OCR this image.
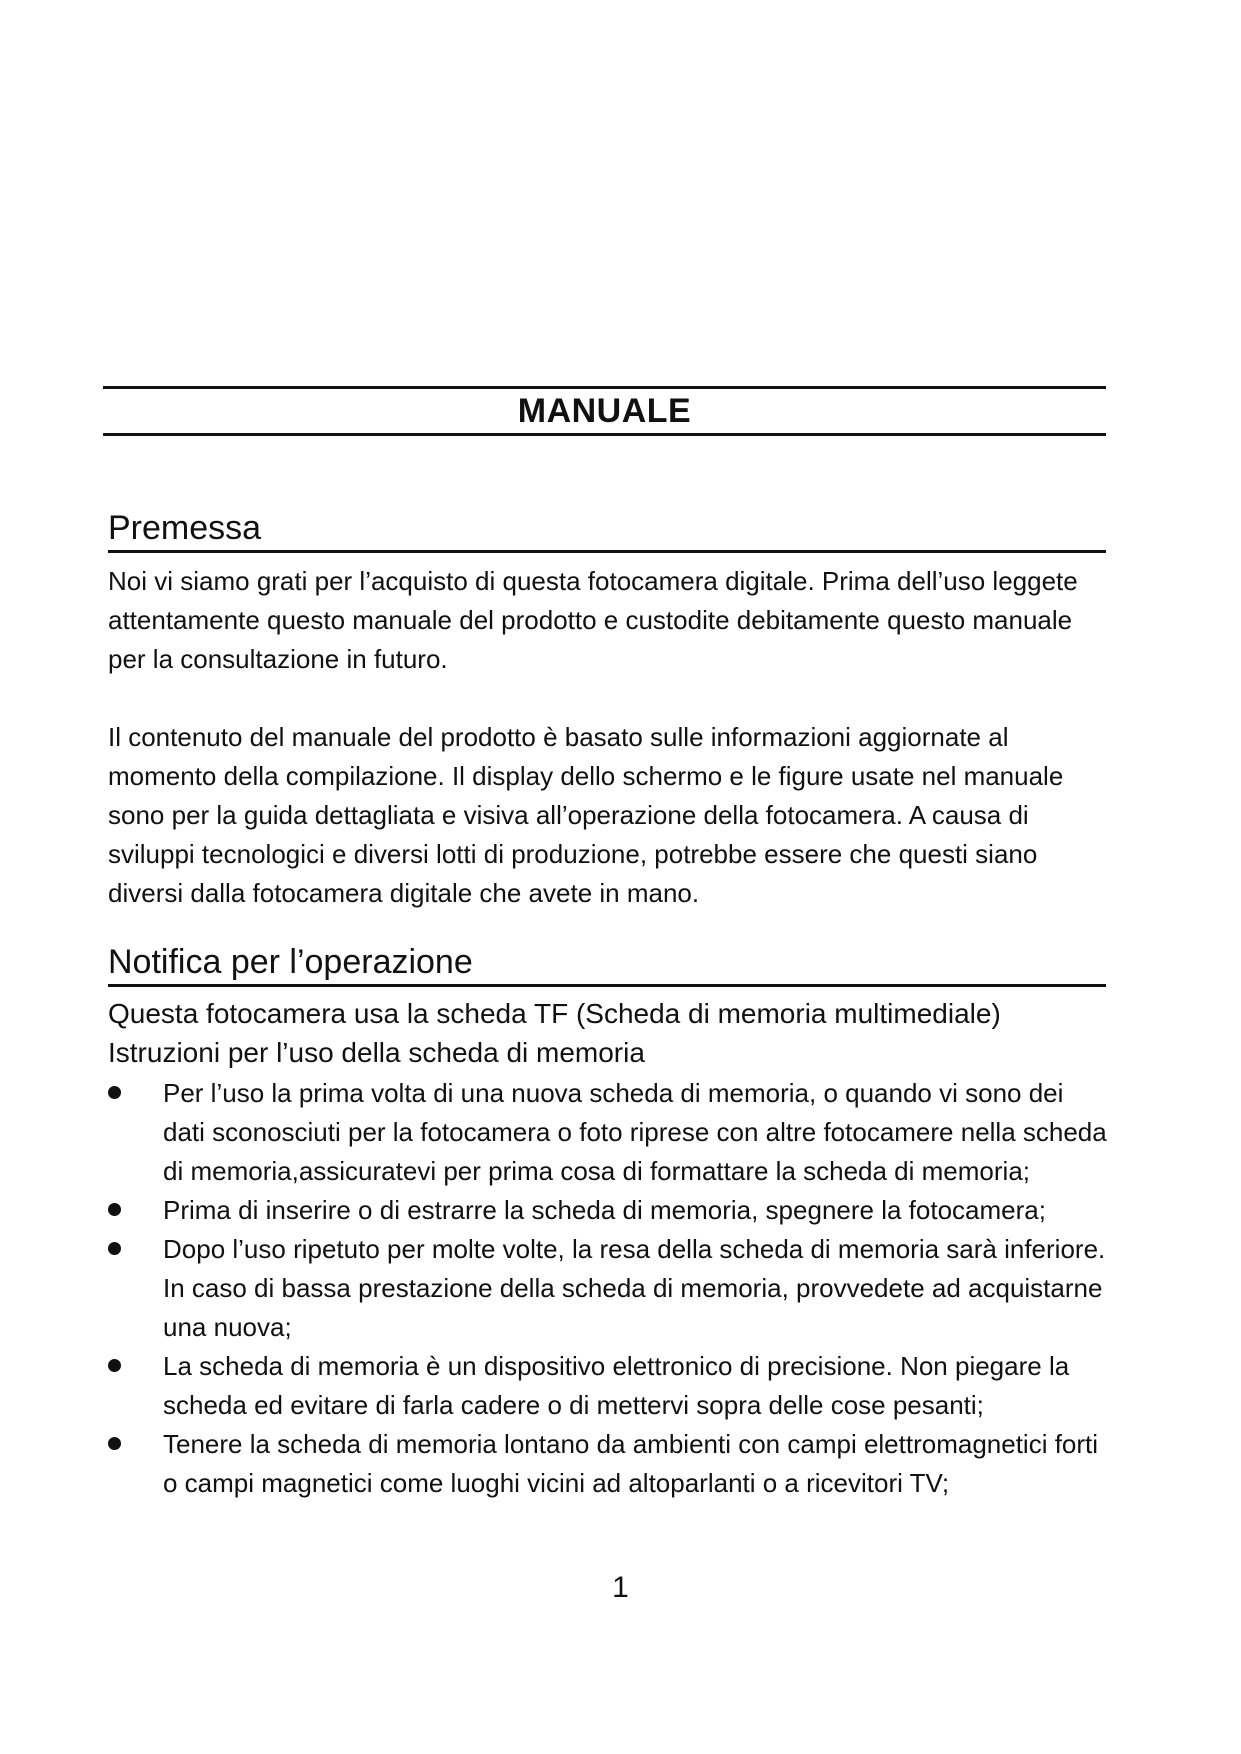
MANUALE
Premessa

Noi vi siamo grati per l’acquisto di questa fotocamera digitale. Prima dell’uso leggete attentamente questo manuale del prodotto e custodite debitamente questo manuale per la consultazione in futuro.

Il contenuto del manuale del prodotto è basato sulle informazioni aggiornate al momento della compilazione. Il display dello schermo e le figure usate nel manuale sono per la guida dettagliata e visiva all’operazione della fotocamera. A causa di sviluppi tecnologici e diversi lotti di produzione, potrebbe essere che questi siano diversi dalla fotocamera digitale che avete in mano.

Notifica per l’operazione
Questa fotocamera usa la scheda TF (Scheda di memoria multimediale)
Istruzioni per l’uso della scheda di memoria
Per l’uso la prima volta di una nuova scheda di memoria, o quando vi sono dei dati sconosciuti per la fotocamera o foto riprese con altre fotocamere nella scheda di memoria,assicuratevi per prima cosa di formattare la scheda di memoria;
Prima di inserire o di estrarre la scheda di memoria, spegnere la fotocamera;
Dopo l’uso ripetuto per molte volte, la resa della scheda di memoria sarà inferiore. In caso di bassa prestazione della scheda di memoria, provvedete ad acquistarne una nuova;
La scheda di memoria è un dispositivo elettronico di precisione. Non piegare la scheda ed evitare di farla cadere o di mettervi sopra delle cose pesanti;
Tenere la scheda di memoria lontano da ambienti con campi elettromagnetici forti o campi magnetici come luoghi vicini ad altoparlanti o a ricevitori TV;
1
